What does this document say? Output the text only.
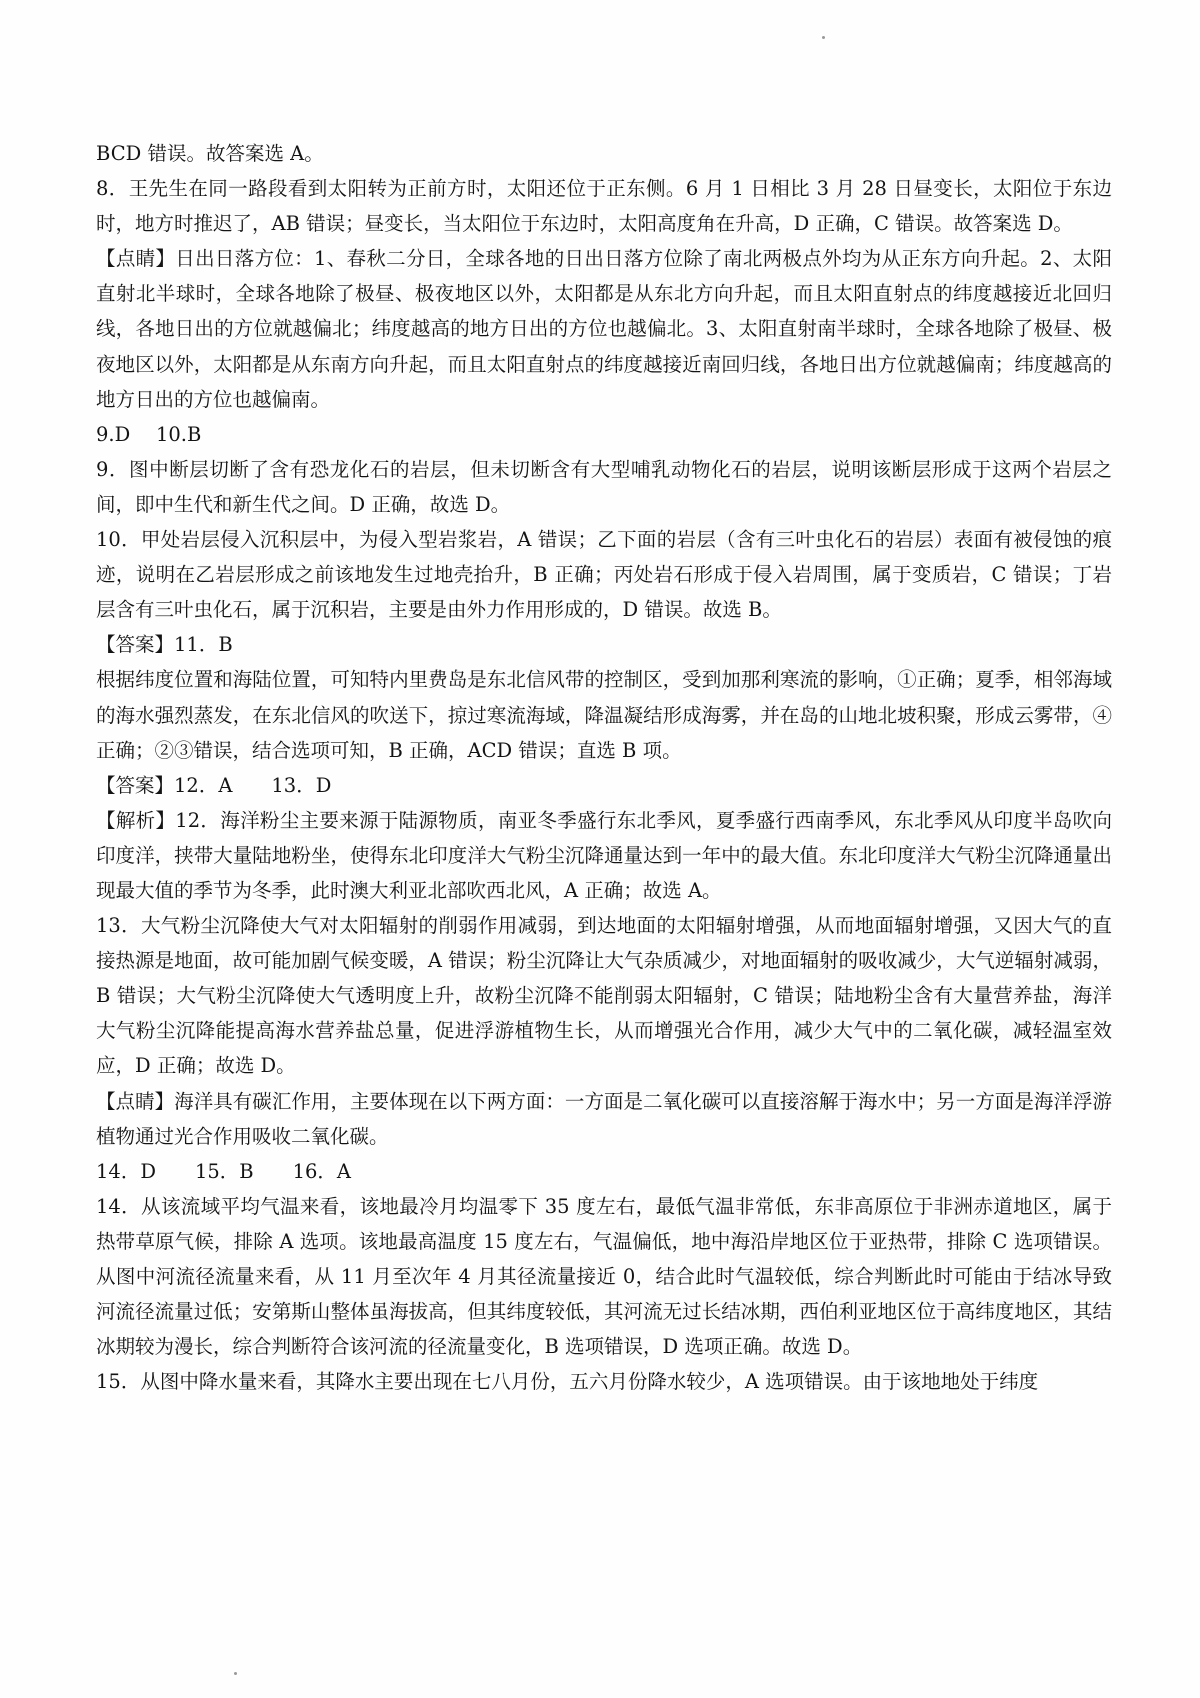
BCD 错误。故答案选 A。

8．王先生在同一路段看到太阳转为正前方时，太阳还位于正东侧。6 月 1 日相比 3 月 28 日昼变长，太阳位于东边时，地方时推迟了，AB 错误；昼变长，当太阳位于东边时，太阳高度角在升高，D 正确，C 错误。故答案选 D。

【点睛】日出日落方位：1、春秋二分日，全球各地的日出日落方位除了南北两极点外均为从正东方向升起。2、太阳直射北半球时，全球各地除了极昼、极夜地区以外，太阳都是从东北方向升起，而且太阳直射点的纬度越接近北回归线，各地日出的方位就越偏北；纬度越高的地方日出的方位也越偏北。3、太阳直射南半球时，全球各地除了极昼、极夜地区以外，太阳都是从东南方向升起，而且太阳直射点的纬度越接近南回归线，各地日出方位就越偏南；纬度越高的地方日出的方位也越偏南。

9.D　 10.B

9．图中断层切断了含有恐龙化石的岩层，但未切断含有大型哺乳动物化石的岩层，说明该断层形成于这两个岩层之间，即中生代和新生代之间。D 正确，故选 D。

10．甲处岩层侵入沉积层中，为侵入型岩浆岩，A 错误；乙下面的岩层（含有三叶虫化石的岩层）表面有被侵蚀的痕迹，说明在乙岩层形成之前该地发生过地壳抬升，B 正确；丙处岩石形成于侵入岩周围，属于变质岩，C 错误；丁岩层含有三叶虫化石，属于沉积岩，主要是由外力作用形成的，D 错误。故选 B。

【答案】11．B

根据纬度位置和海陆位置，可知特内里费岛是东北信风带的控制区，受到加那利寒流的影响，①正确；夏季，相邻海域的海水强烈蒸发，在东北信风的吹送下，掠过寒流海域，降温凝结形成海雾，并在岛的山地北坡积聚，形成云雾带，④正确；②③错误，结合选项可知，B 正确，ACD 错误；直选 B 项。

【答案】12．A　　13．D

【解析】12．海洋粉尘主要来源于陆源物质，南亚冬季盛行东北季风，夏季盛行西南季风，东北季风从印度半岛吹向印度洋，挟带大量陆地粉坐，使得东北印度洋大气粉尘沉降通量达到一年中的最大值。东北印度洋大气粉尘沉降通量出现最大值的季节为冬季，此时澳大利亚北部吹西北风，A 正确；故选 A。

13．大气粉尘沉降使大气对太阳辐射的削弱作用减弱，到达地面的太阳辐射增强，从而地面辐射增强，又因大气的直接热源是地面，故可能加剧气候变暖，A 错误；粉尘沉降让大气杂质减少，对地面辐射的吸收减少，大气逆辐射减弱，B 错误；大气粉尘沉降使大气透明度上升，故粉尘沉降不能削弱太阳辐射，C 错误；陆地粉尘含有大量营养盐，海洋大气粉尘沉降能提高海水营养盐总量，促进浮游植物生长，从而增强光合作用，减少大气中的二氧化碳，减轻温室效应，D 正确；故选 D。

【点睛】海洋具有碳汇作用，主要体现在以下两方面：一方面是二氧化碳可以直接溶解于海水中；另一方面是海洋浮游植物通过光合作用吸收二氧化碳。

14．D　　15．B　　16．A

14．从该流域平均气温来看，该地最冷月均温零下 35 度左右，最低气温非常低，东非高原位于非洲赤道地区，属于热带草原气候，排除 A 选项。该地最高温度 15 度左右，气温偏低，地中海沿岸地区位于亚热带，排除 C 选项错误。从图中河流径流量来看，从 11 月至次年 4 月其径流量接近 0，结合此时气温较低，综合判断此时可能由于结冰导致河流径流量过低；安第斯山整体虽海拔高，但其纬度较低，其河流无过长结冰期，西伯利亚地区位于高纬度地区，其结冰期较为漫长，综合判断符合该河流的径流量变化，B 选项错误，D 选项正确。故选 D。

15．从图中降水量来看，其降水主要出现在七八月份，五六月份降水较少，A 选项错误。由于该地地处于纬度
